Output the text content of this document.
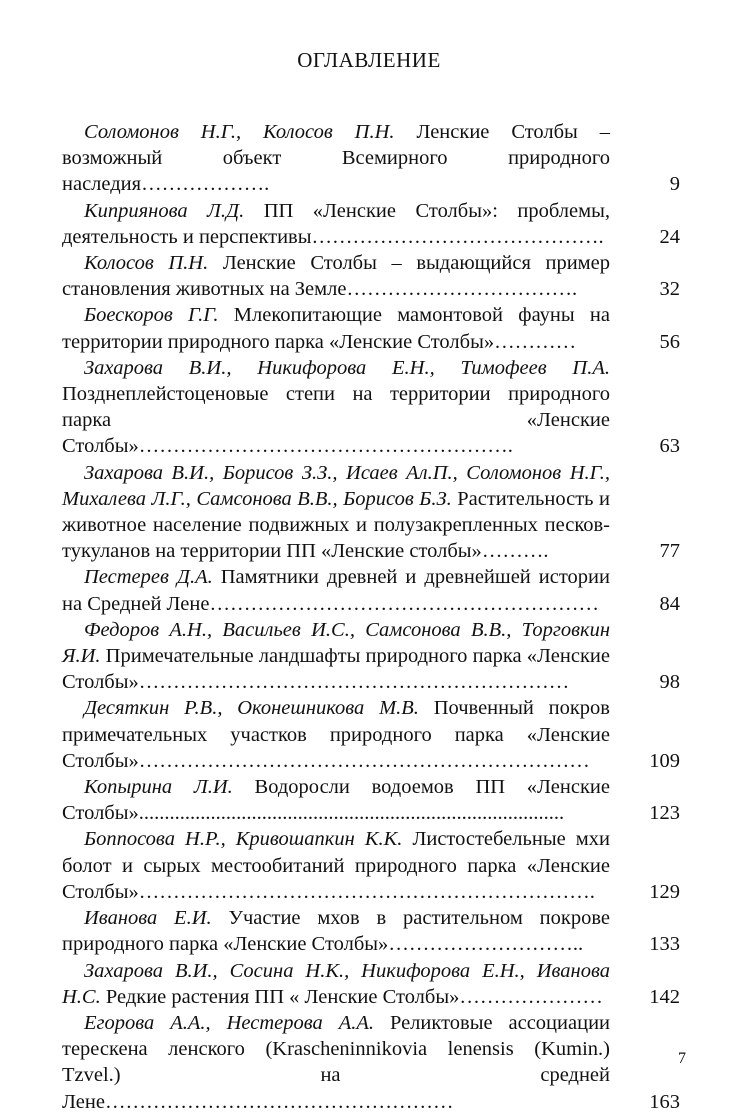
ОГЛАВЛЕНИЕ
Соломонов Н.Г., Колосов П.Н. Ленские Столбы – возможный объект Всемирного природного наследия……………….	9
Киприянова Л.Д. ПП «Ленские Столбы»: проблемы, деятельность и перспективы…………………………………….	24
Колосов П.Н. Ленские Столбы – выдающийся пример становления животных на Земле…………………………….	32
Боескоров Г.Г. Млекопитающие мамонтовой фауны на территории природного парка «Ленские Столбы»…………	56
Захарова В.И., Никифорова Е.Н., Тимофеев П.А. Позднеплейстоценовые степи на территории природного парка «Ленские Столбы»……………………………………………….	63
Захарова В.И., Борисов З.З., Исаев Ал.П., Соломонов Н.Г., Михалева Л.Г., Самсонова В.В., Борисов Б.З. Растительность и животное население подвижных и полузакрепленных песков-тукуланов на территории ПП «Ленские столбы»……….	77
Пестерев Д.А. Памятники древней и древнейшей истории на Средней Лене…………………………………………………	84
Федоров А.Н., Васильев И.С., Самсонова В.В., Торговкин Я.И. Примечательные ландшафты природного парка «Ленские Столбы»………………………………………………………	98
Десяткин Р.В., Оконешникова М.В. Почвенный покров примечательных участков природного парка «Ленские Столбы»…………………………………………………………	109
Копырина Л.И. Водоросли водоемов ПП «Ленские Столбы»...................................................................................	123
Боппосова Н.Р., Кривошапкин К.К. Листостебельные мхи болот и сырых местообитаний природного парка «Ленские Столбы»………………………………………………………….	129
Иванова Е.И. Участие мхов в растительном покрове природного парка «Ленские Столбы»………………………..	133
Захарова В.И., Сосина Н.К., Никифорова Е.Н., Иванова Н.С. Редкие растения ПП « Ленские Столбы»…………………	142
Егорова А.А., Нестерова А.А. Реликтовые ассоциации терескена ленского (Krascheninnikovia lenensis (Kumin.) Tzvel.) на средней Лене……………………………………………	163
7
